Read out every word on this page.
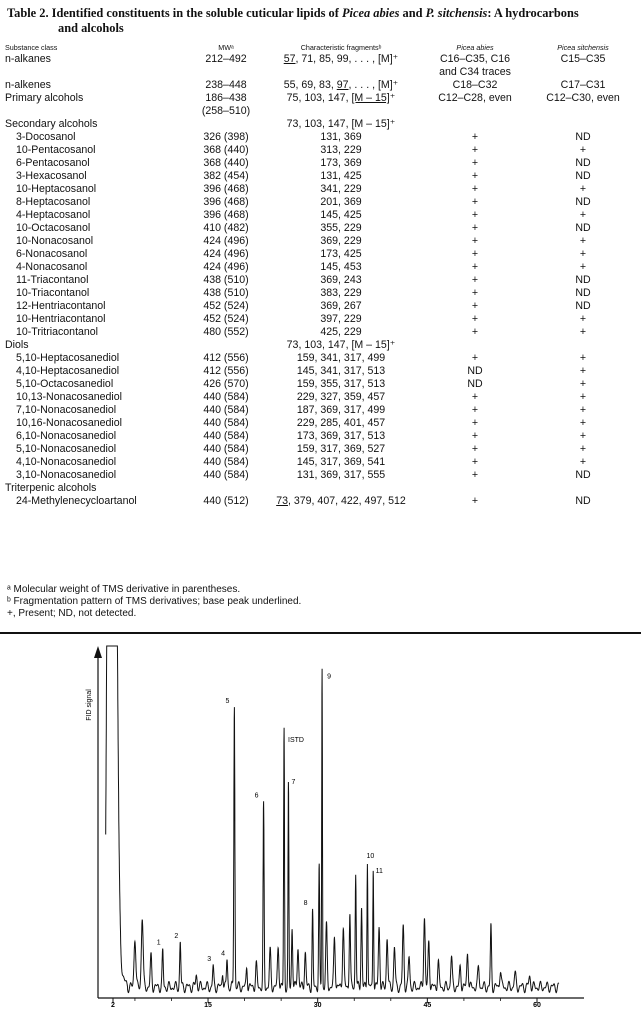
Table 2. Identified constituents in the soluble cuticular lipids of Picea abies and P. sitchensis: A hydrocarbons
and alcohols
Substance class	MWᵃ	Characteristic fragmentsᵇ	Picea abies	Picea sitchensis
n-alkanes	212–492	57, 71, 85, 99, . . . , [M]⁺	C16–C35, C16	C15–C35
			and C34 traces	
n-alkenes	238–448	55, 69, 83, 97, . . . , [M]⁺	C18–C32	C17–C31
Primary alcohols	186–438	75, 103, 147, [M – 15]⁺	C12–C28, even	C12–C30, even
	(258–510)			
Secondary alcohols		73, 103, 147, [M – 15]⁺		
3-Docosanol	326 (398)	131, 369	+	ND
10-Pentacosanol	368 (440)	313, 229	+	+
6-Pentacosanol	368 (440)	173, 369	+	ND
3-Hexacosanol	382 (454)	131, 425	+	ND
10-Heptacosanol	396 (468)	341, 229	+	+
8-Heptacosanol	396 (468)	201, 369	+	ND
4-Heptacosanol	396 (468)	145, 425	+	+
10-Octacosanol	410 (482)	355, 229	+	ND
10-Nonacosanol	424 (496)	369, 229	+	+
6-Nonacosanol	424 (496)	173, 425	+	+
4-Nonacosanol	424 (496)	145, 453	+	+
11-Triacontanol	438 (510)	369, 243	+	ND
10-Triacontanol	438 (510)	383, 229	+	ND
12-Hentriacontanol	452 (524)	369, 267	+	ND
10-Hentriacontanol	452 (524)	397, 229	+	+
10-Tritriacontanol	480 (552)	425, 229	+	+
Diols		73, 103, 147, [M – 15]⁺		
5,10-Heptacosanediol	412 (556)	159, 341, 317, 499	+	+
4,10-Heptacosanediol	412 (556)	145, 341, 317, 513	ND	+
5,10-Octacosanediol	426 (570)	159, 355, 317, 513	ND	+
10,13-Nonacosanediol	440 (584)	229, 327, 359, 457	+	+
7,10-Nonacosanediol	440 (584)	187, 369, 317, 499	+	+
10,16-Nonacosanediol	440 (584)	229, 285, 401, 457	+	+
6,10-Nonacosanediol	440 (584)	173, 369, 317, 513	+	+
5,10-Nonacosanediol	440 (584)	159, 317, 369, 527	+	+
4,10-Nonacosanediol	440 (584)	145, 317, 369, 541	+	+
3,10-Nonacosanediol	440 (584)	131, 369, 317, 555	+	ND
Triterpenic alcohols				
24-Methylenecycloartanol	440 (512)	73, 379, 407, 422, 497, 512	+	ND
ᵃ Molecular weight of TMS derivative in parentheses.
ᵇ Fragmentation pattern of TMS derivatives; base peak underlined.
+, Present; ND, not detected.
2	15	30	45	60
1
2
3
4
5
6
ISTD
7
8
9
10
11
FID signal
